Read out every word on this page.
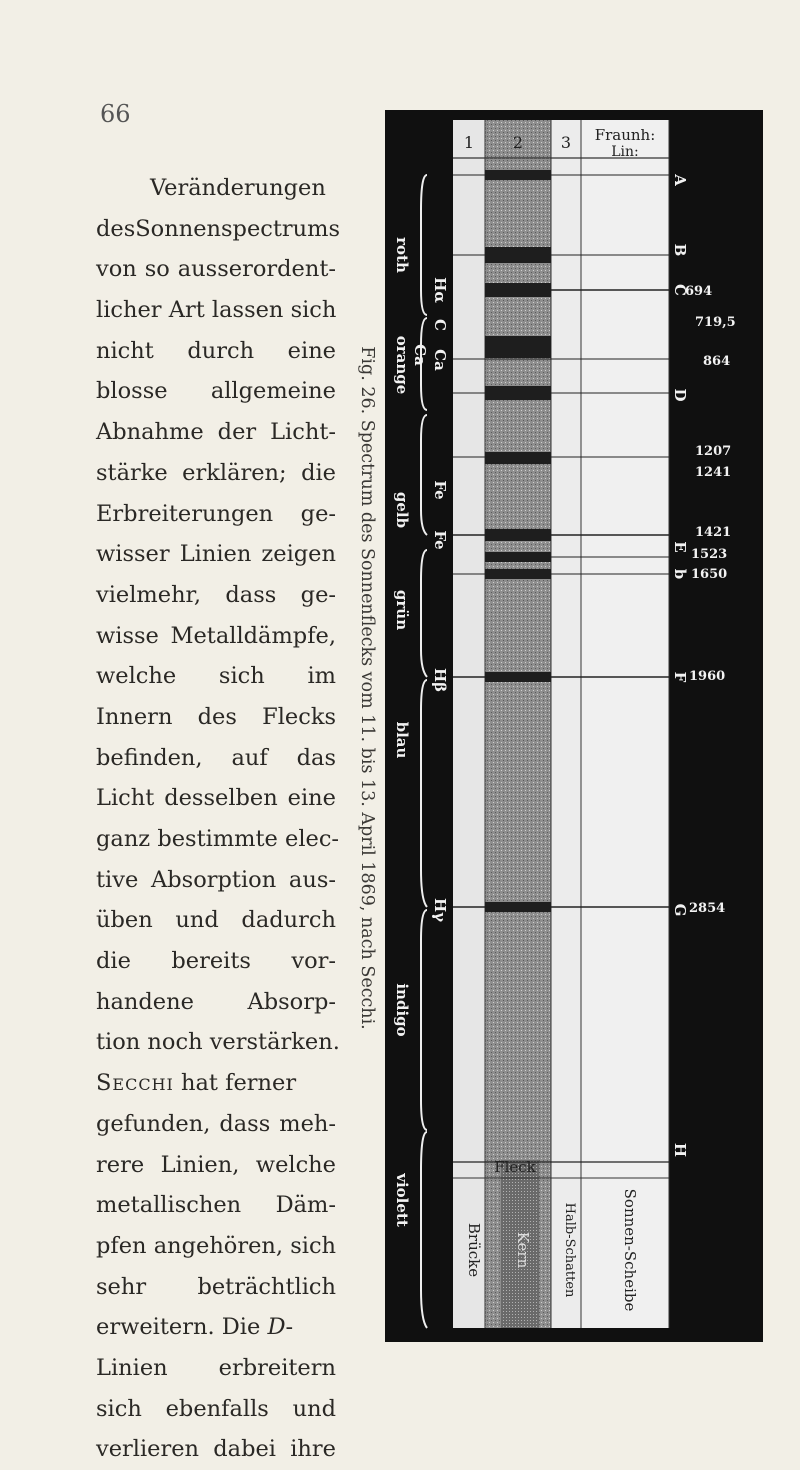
66
Veränderungen
desSonnenspectrums
von so ausserordent-
licher Art lassen sich
nicht durch eine
blosse allgemeine
Abnahme der Licht-
stärke erklären; die
Erbreiterungen ge-
wisser Linien zeigen
vielmehr, dass ge-
wisse Metalldämpfe,
welche sich im
Innern des Flecks
befinden, auf das
Licht desselben eine
ganz bestimmte elec-
tive Absorption aus-
üben und dadurch
die bereits vor-
handene Absorp-
tion noch verstärken.
Secchi hat ferner
gefunden, dass meh-
rere Linien, welche
metallischen Däm-
pfen angehören, sich
sehr beträchtlich
erweitern. Die D-
Linien erbreitern
sich ebenfalls und
verlieren dabei ihre
Fig. 26. Spectrum des Sonnenflecks vom 11. bis 13. April 1869, nach Secchi.
1 2 3 Fraunh:
Lin:
roth
orange
gelb
grün
blau
indigo
violett
Hα
C
Ca Ca
Fe
Fe
Hβ
Hγ
A
B
C
D
E
b
F
G
H
694
719,5
864
1207
1241
1421
1523
1650
1960
2854
Fleck
Brücke Kern Halb-Schatten	Sonnen-Scheibe
